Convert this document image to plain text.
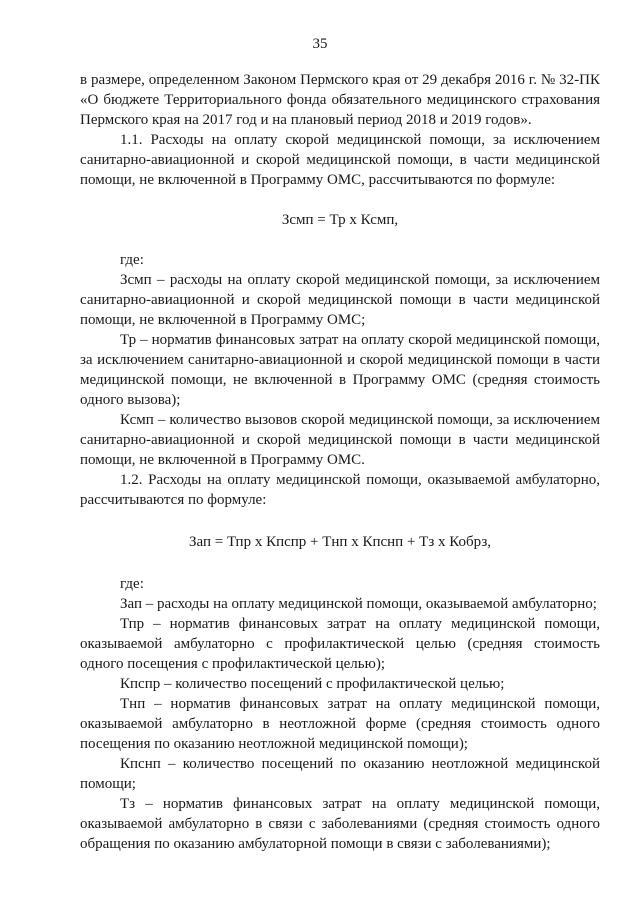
35

в размере, определенном Законом Пермского края от 29 декабря 2016 г. № 32-ПК «О бюджете Территориального фонда обязательного медицинского страхования Пермского края на 2017 год и на плановый период 2018 и 2019 годов».

1.1. Расходы на оплату скорой медицинской помощи, за исключением санитарно-авиационной и скорой медицинской помощи, в части медицинской помощи, не включенной в Программу ОМС, рассчитываются по формуле:

Зсмп = Тр х Ксмп,

где:

Зсмп – расходы на оплату скорой медицинской помощи, за исключением санитарно-авиационной и скорой медицинской помощи в части медицинской помощи, не включенной в Программу ОМС;

Тр – норматив финансовых затрат на оплату скорой медицинской помощи, за исключением санитарно-авиационной и скорой медицинской помощи в части медицинской помощи, не включенной в Программу ОМС (средняя стоимость одного вызова);

Ксмп – количество вызовов скорой медицинской помощи, за исключением санитарно-авиационной и скорой медицинской помощи в части медицинской помощи, не включенной в Программу ОМС.

1.2. Расходы на оплату медицинской помощи, оказываемой амбулаторно, рассчитываются по формуле:

Зап = Тпр х Кпспр + Тнп х Кпснп + Тз х Кобрз,

где:

Зап – расходы на оплату медицинской помощи, оказываемой амбулаторно;

Тпр – норматив финансовых затрат на оплату медицинской помощи, оказываемой амбулаторно с профилактической целью (средняя стоимость одного посещения с профилактической целью);

Кпспр – количество посещений с профилактической целью;

Тнп – норматив финансовых затрат на оплату медицинской помощи, оказываемой амбулаторно в неотложной форме (средняя стоимость одного посещения по оказанию неотложной медицинской помощи);

Кпснп – количество посещений по оказанию неотложной медицинской помощи;

Тз – норматив финансовых затрат на оплату медицинской помощи, оказываемой амбулаторно в связи с заболеваниями (средняя стоимость одного обращения по оказанию амбулаторной помощи в связи с заболеваниями);
